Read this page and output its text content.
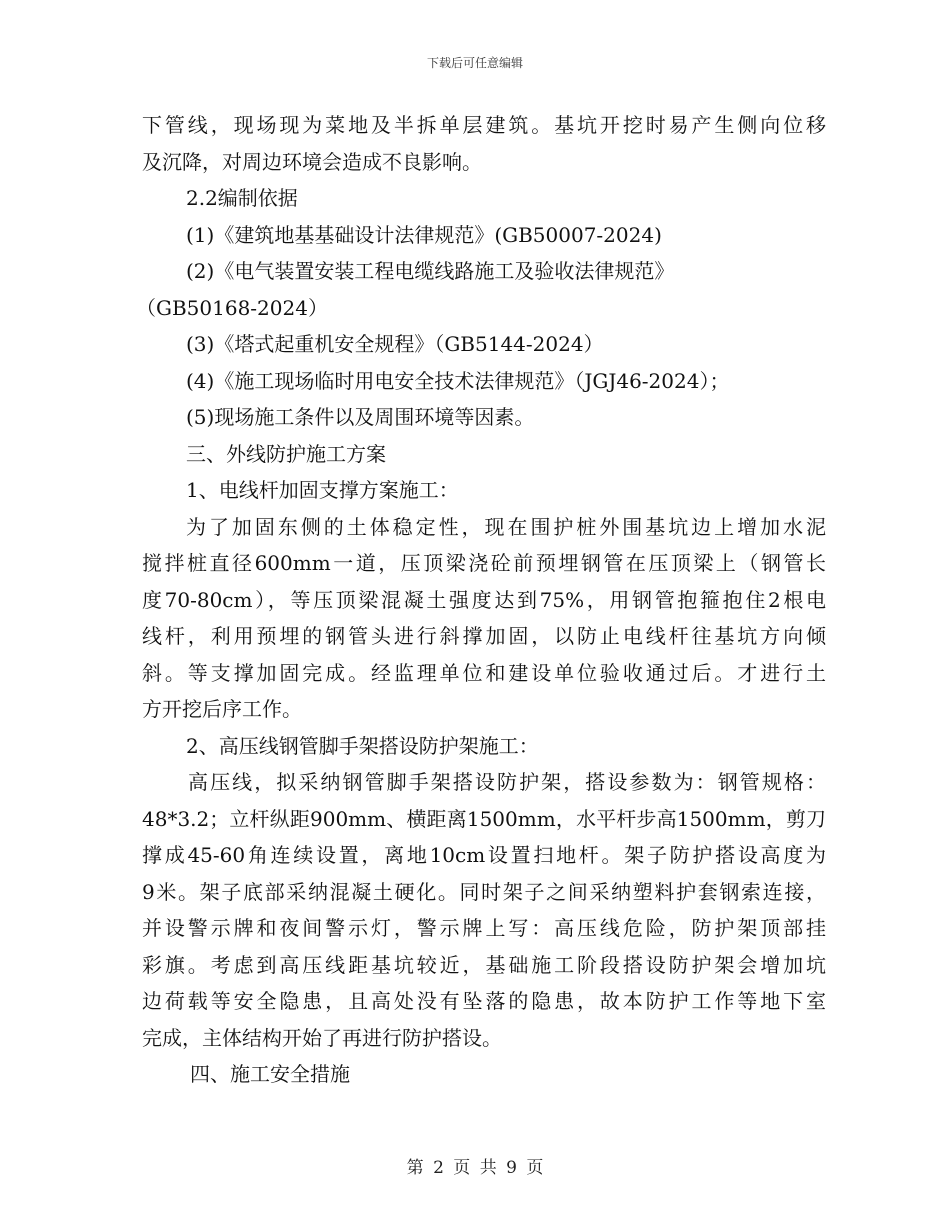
下载后可任意编辑
下管线，现场现为菜地及半拆单层建筑。基坑开挖时易产生侧向位移
及沉降，对周边环境会造成不良影响。
2.2编制依据
(1)《建筑地基基础设计法律规范》(GB50007-2024)
(2)《电气装置安装工程电缆线路施工及验收法律规范》
（GB50168-2024）
(3)《塔式起重机安全规程》（GB5144-2024）
(4)《施工现场临时用电安全技术法律规范》（JGJ46-2024）；
(5)现场施工条件以及周围环境等因素。
三、外线防护施工方案
1、电线杆加固支撑方案施工：
为了加固东侧的土体稳定性，现在围护桩外围基坑边上增加水泥
搅拌桩直径600mm一道，压顶梁浇砼前预埋钢管在压顶梁上（钢管长
度70-80cm），等压顶梁混凝土强度达到75%，用钢管抱箍抱住2根电
线杆，利用预埋的钢管头进行斜撑加固，以防止电线杆往基坑方向倾
斜。等支撑加固完成。经监理单位和建设单位验收通过后。才进行土
方开挖后序工作。
2、高压线钢管脚手架搭设防护架施工：
高压线，拟采纳钢管脚手架搭设防护架，搭设参数为：钢管规格：
48*3.2；立杆纵距900mm、横距离1500mm，水平杆步高1500mm，剪刀
撑成45-60角连续设置，离地10cm设置扫地杆。架子防护搭设高度为
9米。架子底部采纳混凝土硬化。同时架子之间采纳塑料护套钢索连接，
并设警示牌和夜间警示灯，警示牌上写：高压线危险，防护架顶部挂
彩旗。考虑到高压线距基坑较近，基础施工阶段搭设防护架会增加坑
边荷载等安全隐患，且高处没有坠落的隐患，故本防护工作等地下室
完成，主体结构开始了再进行防护搭设。
四、施工安全措施
第 2 页 共 9 页
